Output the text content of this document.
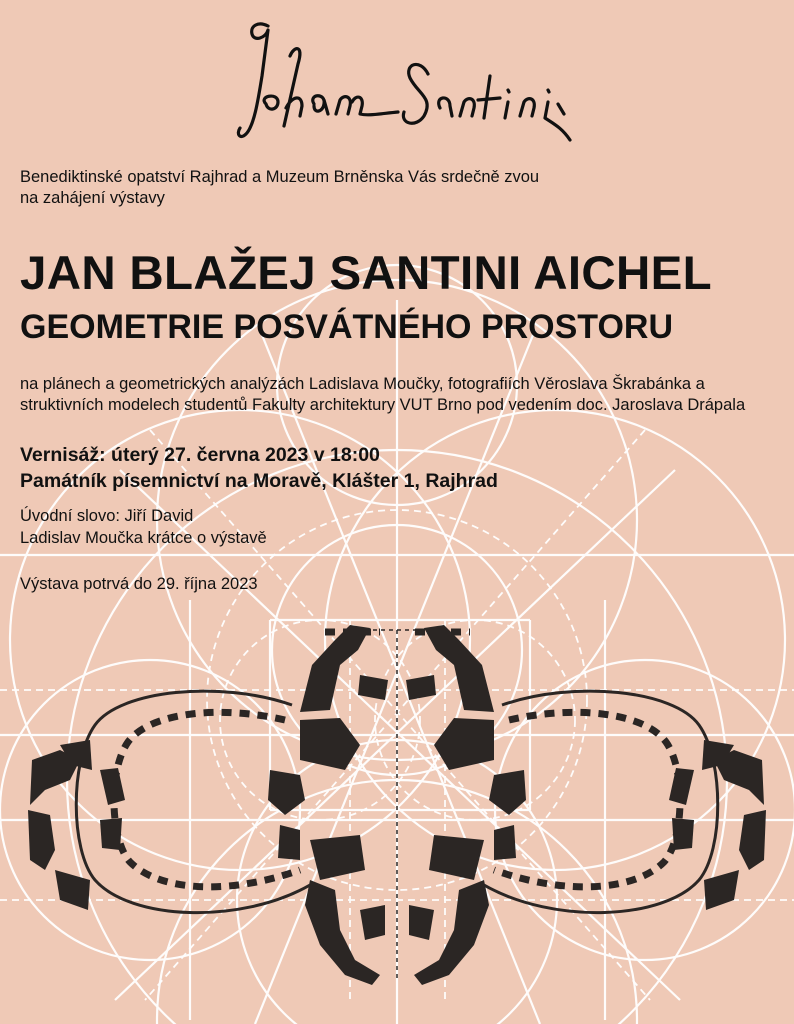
Benediktinské opatství Rajhrad a Muzeum Brněnska Vás srdečně zvou
na zahájení výstavy
JAN BLAŽEJ SANTINI AICHEL
GEOMETRIE POSVÁTNÉHO PROSTORU
na plánech a geometrických analýzách Ladislava Moučky, fotografiích Věroslava Škrabánka a
struktivních modelech studentů Fakulty architektury VUT Brno pod vedením doc. Jaroslava Drápala
Vernisáž: úterý 27. června 2023 v 18:00
Památník písemnictví na Moravě, Klášter 1, Rajhrad
Úvodní slovo: Jiří David
Ladislav Moučka krátce o výstavě
Výstava potrvá do 29. října 2023
